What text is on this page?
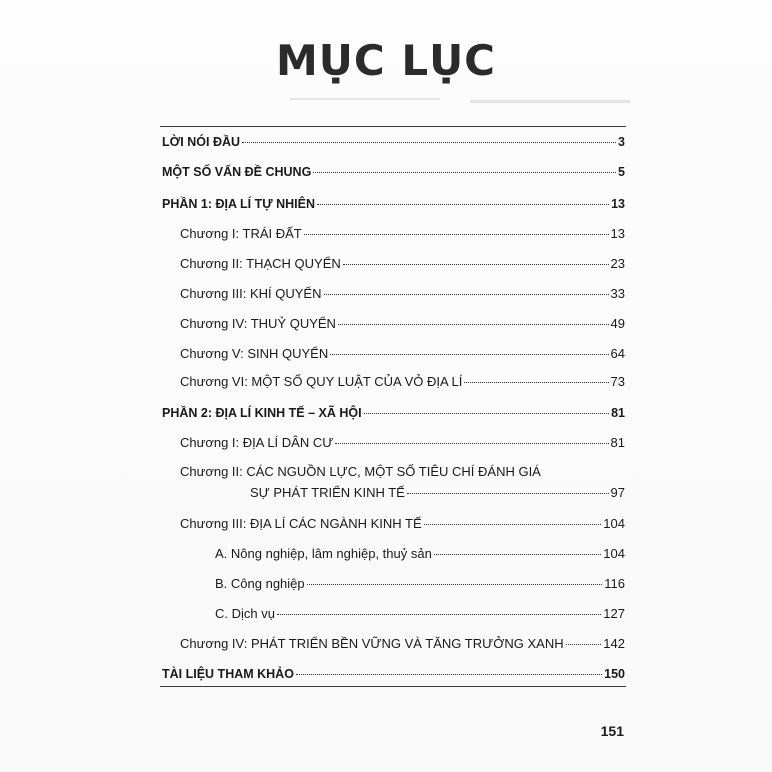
MỤC LỤC
LỜI NÓI ĐẦU	3
MỘT SỐ VẤN ĐỀ CHUNG	5
PHẦN 1: ĐỊA LÍ TỰ NHIÊN	13
Chương I: TRÁI ĐẤT	13
Chương II: THẠCH QUYỂN	23
Chương III: KHÍ QUYỂN	33
Chương IV: THUỶ QUYỂN	49
Chương V: SINH QUYỂN	64
Chương VI: MỘT SỐ QUY LUẬT CỦA VỎ ĐỊA LÍ	73
PHẦN 2: ĐỊA LÍ KINH TẾ – XÃ HỘI	81
Chương I: ĐỊA LÍ DÂN CƯ	81
Chương II: CÁC NGUỒN LỰC, MỘT SỐ TIÊU CHÍ ĐÁNH GIÁ
SỰ PHÁT TRIỂN KINH TẾ	97
Chương III: ĐỊA LÍ CÁC NGÀNH KINH TẾ	104
A. Nông nghiệp, lâm nghiệp, thuỷ sản	104
B. Công nghiệp	116
C. Dịch vụ	127
Chương IV: PHÁT TRIỂN BỀN VỮNG VÀ TĂNG TRƯỞNG XANH	142
TÀI LIỆU THAM KHẢO	150
151
